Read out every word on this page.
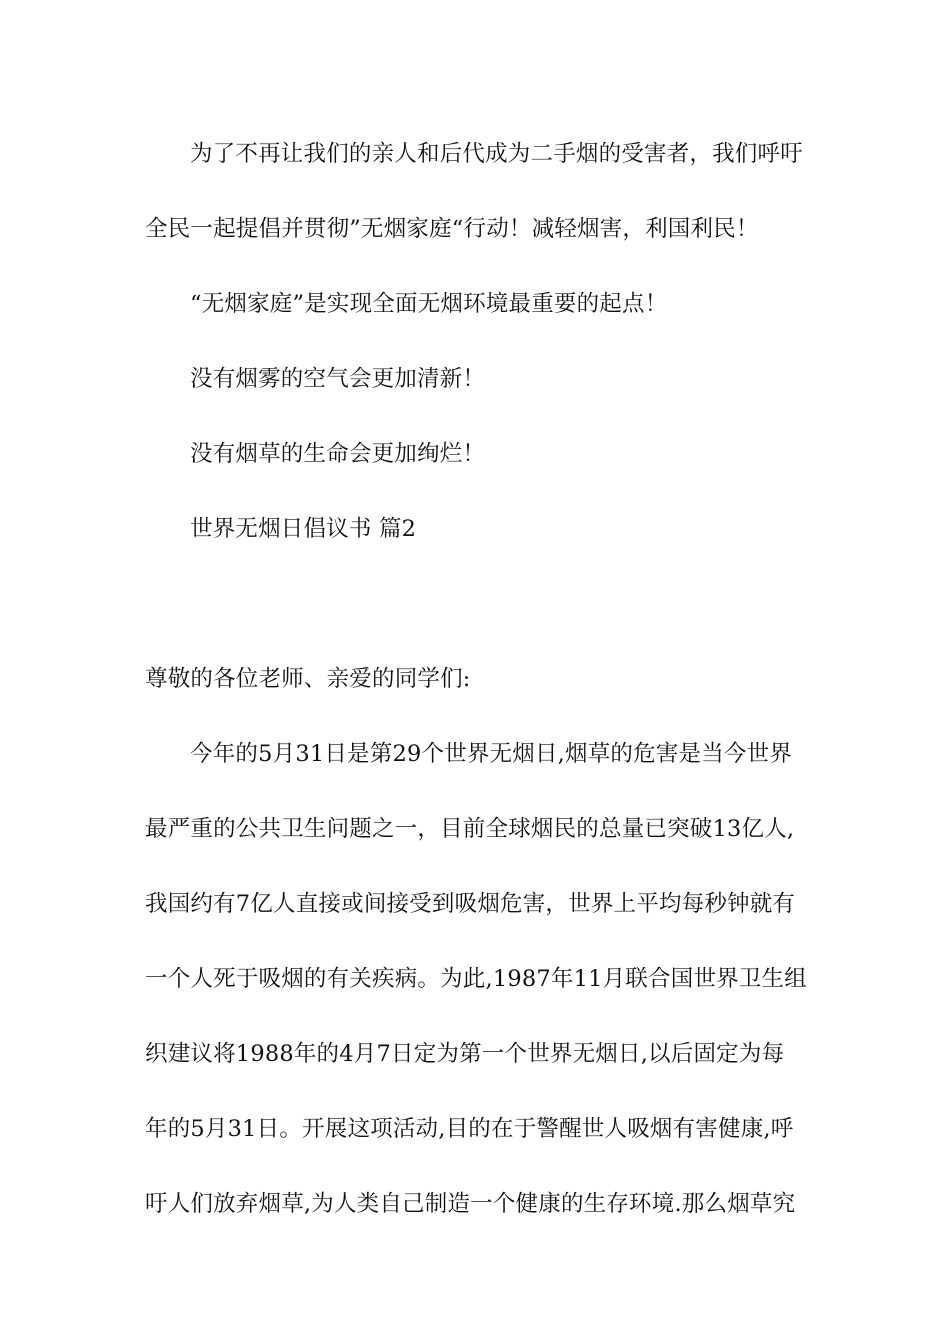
为了不再让我们的亲人和后代成为二手烟的受害者，我们呼吁
全民一起提倡并贯彻”无烟家庭“行动！减轻烟害，利国利民！
“无烟家庭”是实现全面无烟环境最重要的起点！
没有烟雾的空气会更加清新！
没有烟草的生命会更加绚烂！
世界无烟日倡议书 篇2
尊敬的各位老师、亲爱的同学们:
今年的5月31日是第29个世界无烟日,烟草的危害是当今世界
最严重的公共卫生问题之一，目前全球烟民的总量已突破13亿人,
我国约有7亿人直接或间接受到吸烟危害，世界上平均每秒钟就有
一个人死于吸烟的有关疾病。为此,1987年11月联合国世界卫生组
织建议将1988年的4月7日定为第一个世界无烟日,以后固定为每
年的5月31日。开展这项活动,目的在于警醒世人吸烟有害健康,呼
吁人们放弃烟草,为人类自己制造一个健康的生存环境.那么烟草究
